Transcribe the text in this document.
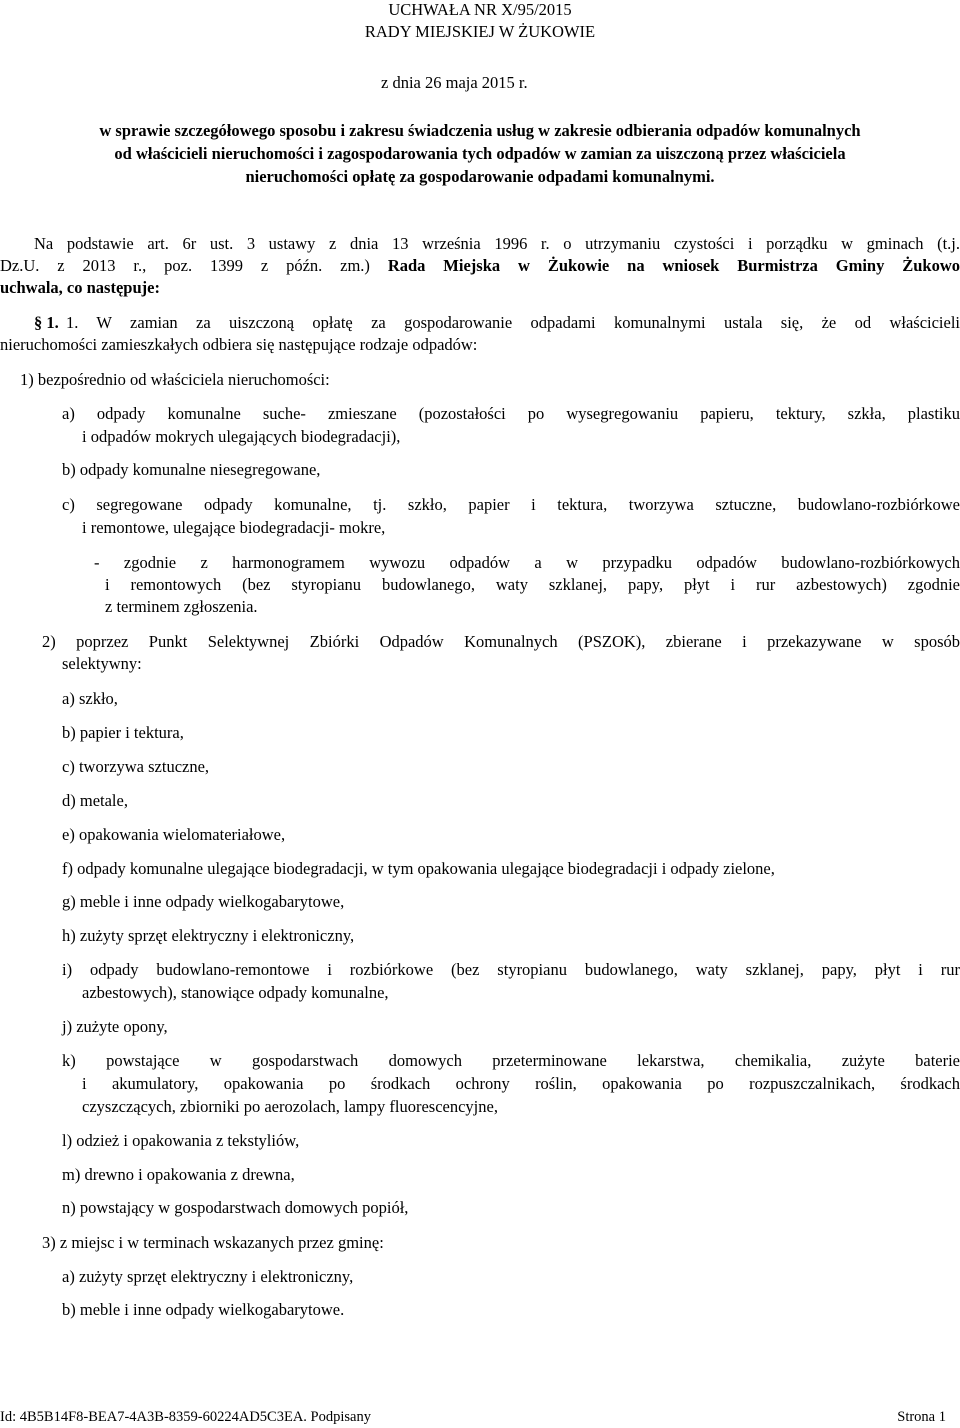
UCHWAŁA NR X/95/2015
RADY MIEJSKIEJ W ŻUKOWIE
z dnia 26 maja 2015 r.
w sprawie szczegółowego sposobu i zakresu świadczenia usług w zakresie odbierania odpadów komunalnych
od właścicieli nieruchomości i zagospodarowania tych odpadów w zamian za uiszczoną przez właściciela
nieruchomości opłatę za gospodarowanie odpadami komunalnymi.
Na podstawie art. 6r ust. 3 ustawy z dnia 13 września 1996 r. o utrzymaniu czystości i porządku w gminach (t.j.
Dz.U. z 2013 r., poz. 1399 z późn. zm.) Rada Miejska w Żukowie na wniosek Burmistrza Gminy Żukowo
uchwala, co następuje:
§ 1. 1. W zamian za uiszczoną opłatę za gospodarowanie odpadami komunalnymi ustala się, że od właścicieli
nieruchomości zamieszkałych odbiera się następujące rodzaje odpadów:
1) bezpośrednio od właściciela nieruchomości:
a) odpady komunalne suche- zmieszane (pozostałości po wysegregowaniu papieru, tektury, szkła, plastiku
i odpadów mokrych ulegających biodegradacji),
b) odpady komunalne niesegregowane,
c) segregowane odpady komunalne, tj. szkło, papier i tektura, tworzywa sztuczne, budowlano-rozbiórkowe
i remontowe, ulegające biodegradacji- mokre,
- zgodnie z harmonogramem wywozu odpadów a w przypadku odpadów budowlano-rozbiórkowych
i remontowych (bez styropianu budowlanego, waty szklanej, papy, płyt i rur azbestowych) zgodnie
z terminem zgłoszenia.
2) poprzez Punkt Selektywnej Zbiórki Odpadów Komunalnych (PSZOK), zbierane i przekazywane w sposób
selektywny:
a) szkło,
b) papier i tektura,
c) tworzywa sztuczne,
d) metale,
e) opakowania wielomateriałowe,
f) odpady komunalne ulegające biodegradacji, w tym opakowania ulegające biodegradacji i odpady zielone,
g) meble i inne odpady wielkogabarytowe,
h) zużyty sprzęt elektryczny i elektroniczny,
i) odpady budowlano-remontowe i rozbiórkowe (bez styropianu budowlanego, waty szklanej, papy, płyt i rur
azbestowych), stanowiące odpady komunalne,
j) zużyte opony,
k) powstające w gospodarstwach domowych przeterminowane lekarstwa, chemikalia, zużyte baterie
i akumulatory, opakowania po środkach ochrony roślin, opakowania po rozpuszczalnikach, środkach
czyszczących, zbiorniki po aerozolach, lampy fluorescencyjne,
l) odzież i opakowania z tekstyliów,
m) drewno i opakowania z drewna,
n) powstający w gospodarstwach domowych popiół,
3) z miejsc i w terminach wskazanych przez gminę:
a) zużyty sprzęt elektryczny i elektroniczny,
b) meble i inne odpady wielkogabarytowe.
Id: 4B5B14F8-BEA7-4A3B-8359-60224AD5C3EA. Podpisany	Strona 1
